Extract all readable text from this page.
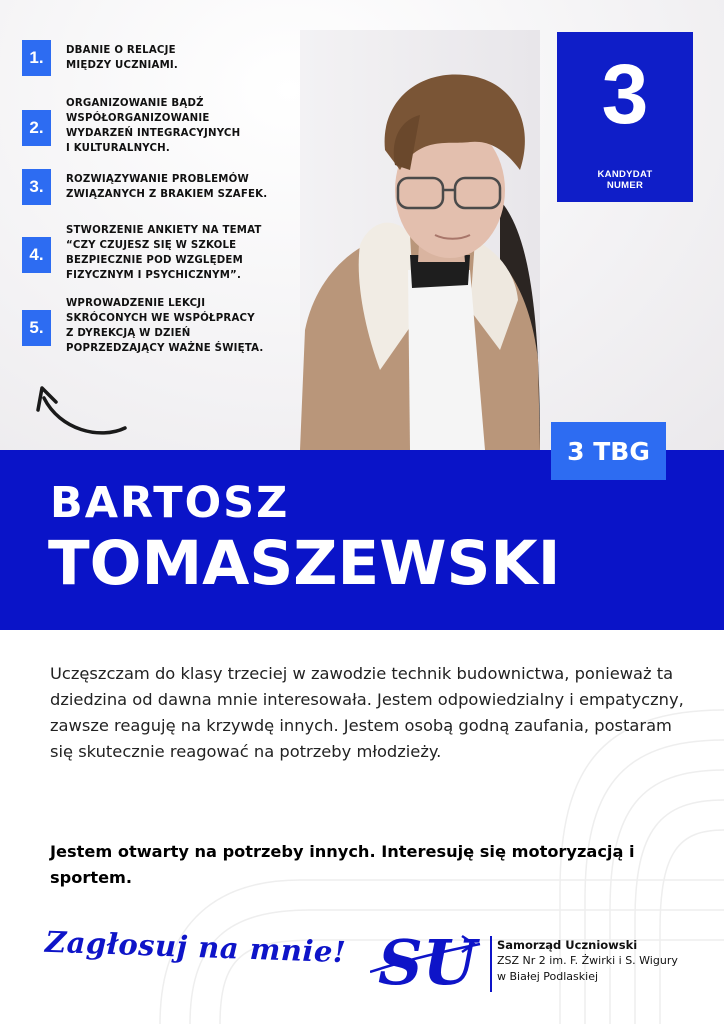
1.	DBANIE O RELACJE
MIĘDZY UCZNIAMI.
2.
ORGANIZOWANIE BĄDŹ
WSPÓŁORGANIZOWANIE
WYDARZEŃ INTEGRACYJNYCH
I KULTURALNYCH.
3.	ROZWIĄZYWANIE PROBLEMÓW
ZWIĄZANYCH Z BRAKIEM SZAFEK.
4.
STWORZENIE ANKIETY NA TEMAT
“CZY CZUJESZ SIĘ W SZKOLE
BEZPIECZNIE POD WZGLĘDEM
FIZYCZNYM I PSYCHICZNYM”.
5.
WPROWADZENIE LEKCJI
SKRÓCONYCH WE WSPÓŁPRACY
Z DYREKCJĄ W DZIEŃ
POPRZEDZAJĄCY WAŻNE ŚWIĘTA.
3
KANDYDAT
NUMER
BARTOSZ
TOMASZEWSKI
3 TBG
Uczęszczam do klasy trzeciej w zawodzie technik budownictwa, ponieważ ta dziedzina od dawna mnie interesowała. Jestem odpowiedzialny i empatyczny, zawsze reaguję na krzywdę innych. Jestem osobą godną zaufania, postaram się skutecznie reagować na potrzeby młodzieży.
Jestem otwarty na potrzeby innych. Interesuję się motoryzacją i sportem.
Zagłosuj na mnie! SU	Samorząd Uczniowski
ZSZ Nr 2 im. F. Żwirki i S. Wigury
w Białej Podlaskiej
